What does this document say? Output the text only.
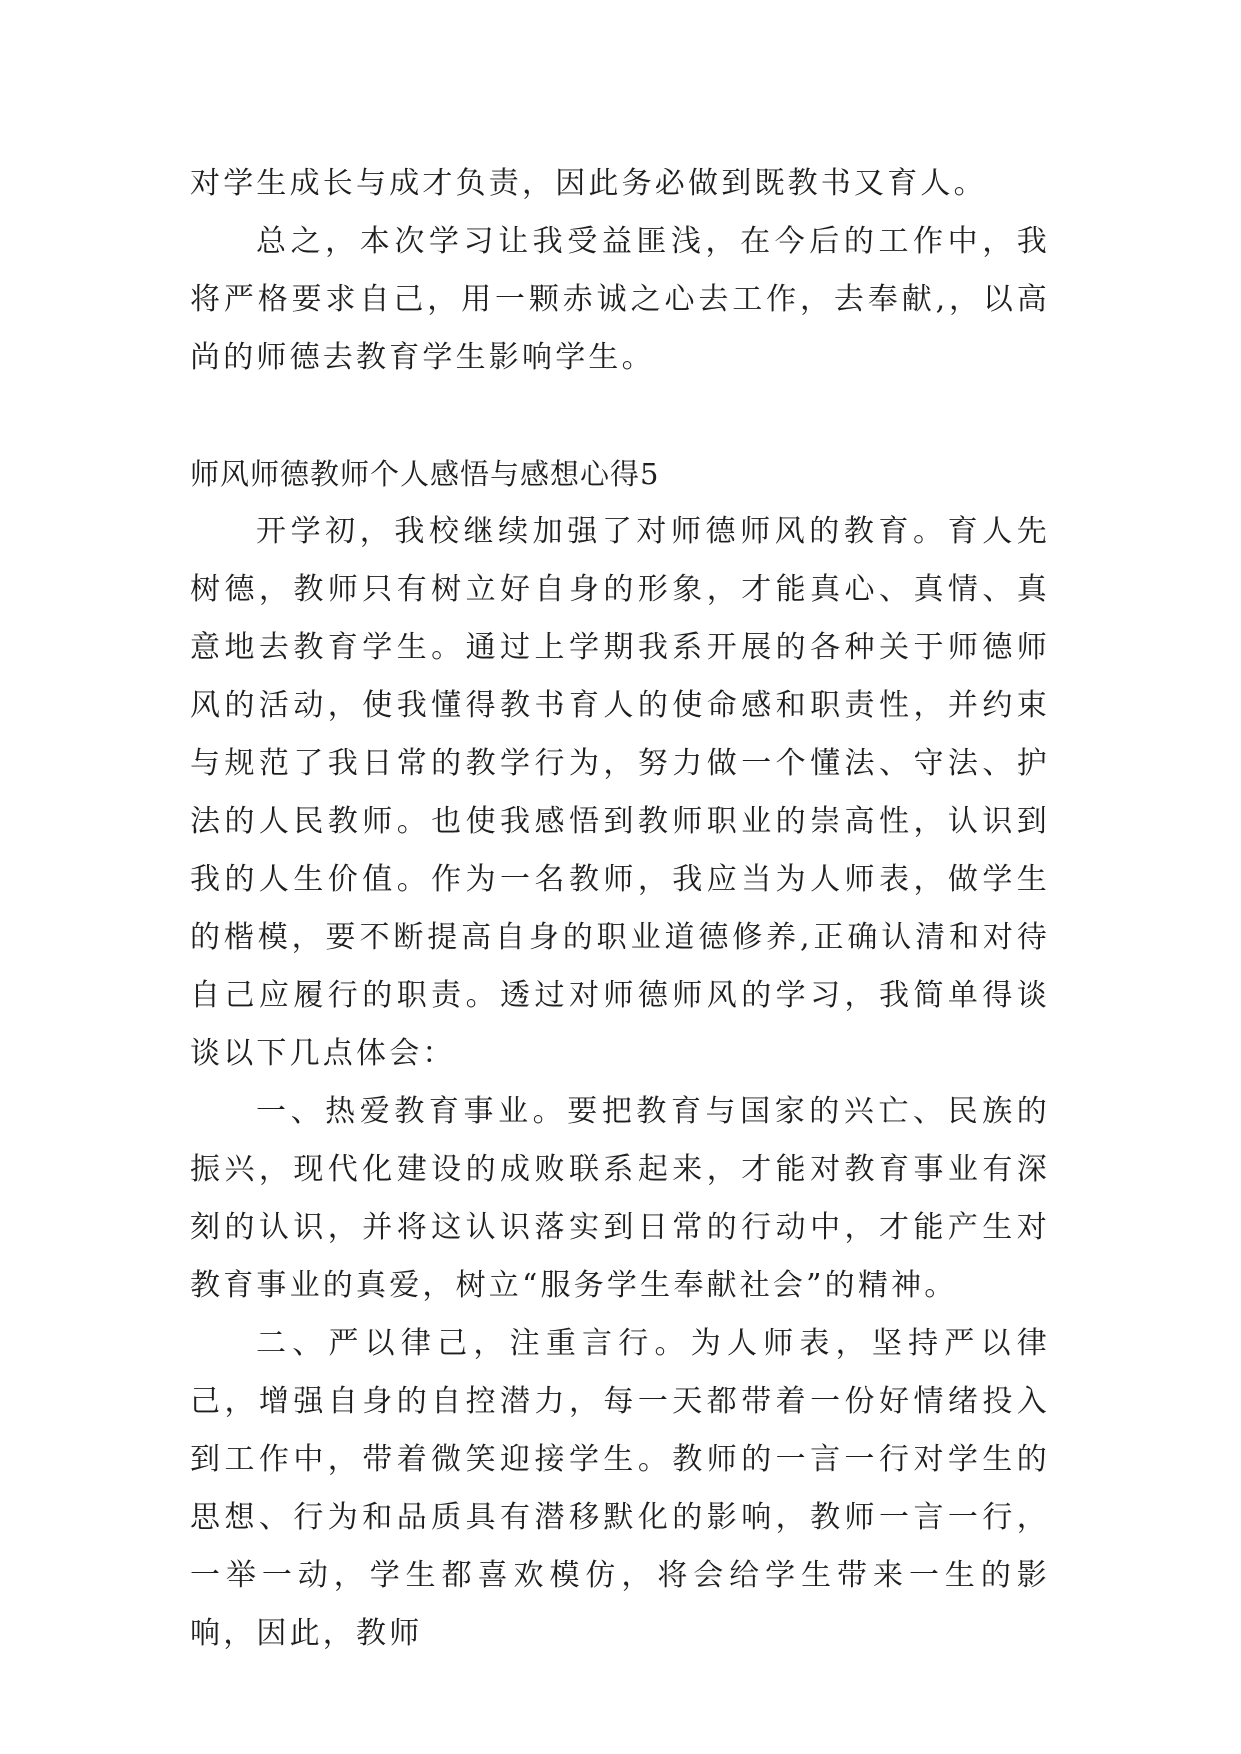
对学生成长与成才负责，因此务必做到既教书又育人。

总之，本次学习让我受益匪浅，在今后的工作中，我将严格要求自己，用一颗赤诚之心去工作，去奉献,，以高尚的师德去教育学生影响学生。

师风师德教师个人感悟与感想心得5

开学初，我校继续加强了对师德师风的教育。育人先树德，教师只有树立好自身的形象，才能真心、真情、真意地去教育学生。通过上学期我系开展的各种关于师德师风的活动，使我懂得教书育人的使命感和职责性，并约束与规范了我日常的教学行为，努力做一个懂法、守法、护法的人民教师。也使我感悟到教师职业的崇高性，认识到我的人生价值。作为一名教师，我应当为人师表，做学生的楷模，要不断提高自身的职业道德修养,正确认清和对待自己应履行的职责。透过对师德师风的学习，我简单得谈谈以下几点体会：

一、热爱教育事业。要把教育与国家的兴亡、民族的振兴，现代化建设的成败联系起来，才能对教育事业有深刻的认识，并将这认识落实到日常的行动中，才能产生对教育事业的真爱，树立“服务学生奉献社会”的精神。

二、严以律己，注重言行。为人师表，坚持严以律己，增强自身的自控潜力，每一天都带着一份好情绪投入到工作中，带着微笑迎接学生。教师的一言一行对学生的思想、行为和品质具有潜移默化的影响，教师一言一行，一举一动，学生都喜欢模仿，将会给学生带来一生的影响，因此，教师
